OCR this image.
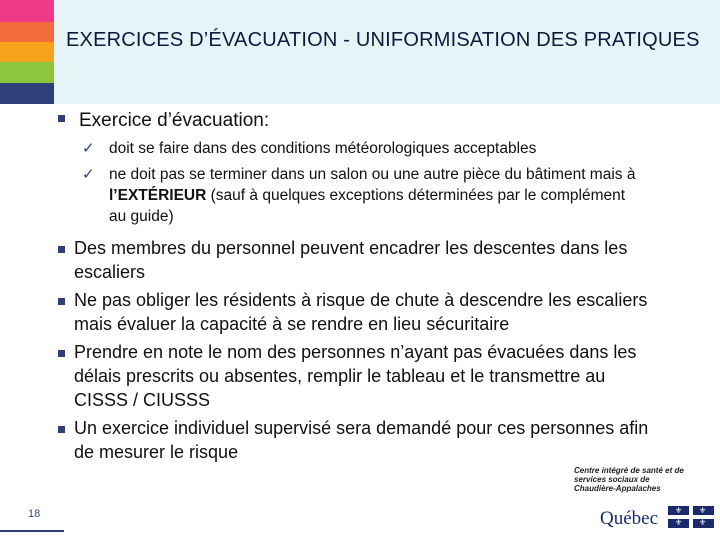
EXERCICES D’ÉVACUATION - UNIFORMISATION DES PRATIQUES
Exercice d’évacuation:
✓ doit se faire dans des conditions météorologiques acceptables
✓ ne doit pas se terminer dans un salon ou une autre pièce du bâtiment mais à l’EXTÉRIEUR (sauf à quelques exceptions déterminées par le complément au guide)
Des membres du personnel peuvent encadrer les descentes dans les escaliers
Ne pas obliger les résidents à risque de chute à descendre les escaliers mais évaluer la capacité à se rendre en lieu sécuritaire
Prendre en note le nom des personnes n’ayant pas évacuées dans les délais prescrits ou absentes, remplir le tableau et le transmettre au CISSS / CIUSSS
Un exercice individuel supervisé sera demandé pour ces personnes afin de mesurer le risque
18
Centre intégré de santé et de services sociaux de Chaudière-Appalaches
Québec ⚜ ⚜
⚜ ⚜
